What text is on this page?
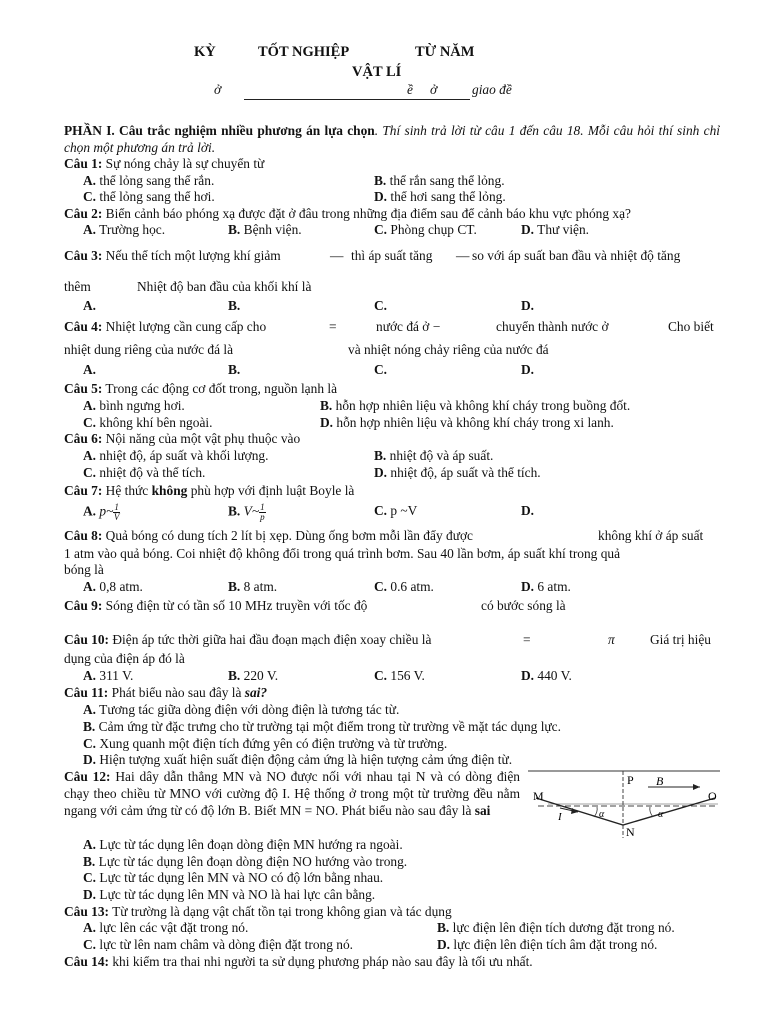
KỲ	TỐT NGHIỆP	TỪ NĂM
VẬT LÍ
ở	ề ở	giao đề
PHẦN I. Câu trắc nghiệm nhiều phương án lựa chọn. Thí sinh trả lời từ câu 1 đến câu 18. Mỗi câu hỏi thí sinh chỉ chọn một phương án trả lời.
Câu 1: Sự nóng chảy là sự chuyển từ
A. thể lỏng sang thể rắn.	B. thể rắn sang thể lỏng.
C. thể lỏng sang thể hơi.	D. thể hơi sang thể lỏng.
Câu 2: Biển cảnh báo phóng xạ được đặt ở đâu trong những địa điểm sau để cảnh báo khu vực phóng xạ?
A. Trường học.	B. Bệnh viện.	C. Phòng chụp CT.	D. Thư viện.
Câu 3: Nếu thể tích một lượng khí giảm	— thì áp suất tăng — so với áp suất ban đầu và nhiệt độ tăng
thêm	Nhiệt độ ban đầu của khối khí là
A.	B.	C.	D.
Câu 4: Nhiệt lượng cần cung cấp cho	=	nước đá ở −	chuyển thành nước ở	Cho biết
nhiệt dung riêng của nước đá là	và nhiệt nóng chảy riêng của nước đá
A.	B.	C.	D.
Câu 5: Trong các động cơ đốt trong, nguồn lạnh là
A. bình ngưng hơi.	B. hỗn hợp nhiên liệu và không khí cháy trong buồng đốt.
C. không khí bên ngoài.	D. hỗn hợp nhiên liệu và không khí cháy trong xi lanh.
Câu 6: Nội năng của một vật phụ thuộc vào
A. nhiệt độ, áp suất và khối lượng.	B. nhiệt độ và áp suất.
C. nhiệt độ và thể tích.	D. nhiệt độ, áp suất và thể tích.
Câu 7: Hệ thức không phù hợp với định luật Boyle là
A. p~ $\frac{1}{V}$	B. V~ $\frac{1}{p}$	C. p ~V	D.
Câu 8: Quả bóng có dung tích 2 lít bị xẹp. Dùng ống bơm mỗi lần đẩy được	không khí ở áp suất
1 atm vào quả bóng. Coi nhiệt độ không đổi trong quá trình bơm. Sau 40 lần bơm, áp suất khí trong quả
bóng là
A. 0,8 atm.	B. 8 atm.	C. 0.6 atm.	D. 6 atm.
Câu 9: Sóng điện từ có tần số 10 MHz truyền với tốc độ	có bước sóng là
Câu 10: Điện áp tức thời giữa hai đầu đoạn mạch điện xoay chiều là	=	π	Giá trị hiệu
dụng của điện áp đó là
A. 311 V.	B. 220 V.	C. 156 V.	D. 440 V.
Câu 11: Phát biểu nào sau đây là sai?
A. Tương tác giữa dòng điện với dòng điện là tương tác từ.
B. Cảm ứng từ đặc trưng cho từ trường tại một điểm trong từ trường về mặt tác dụng lực.
C. Xung quanh một điện tích đứng yên có điện trường và từ trường.
D. Hiện tượng xuất hiện suất điện động cảm ứng là hiện tượng cảm ứng điện từ.
Câu 12: Hai dây dẫn thẳng MN và NO được nối với nhau tại N và có dòng điện chạy theo chiều từ MNO với cường độ I. Hệ thống ở trong một từ trường đều nằm ngang với cảm ứng từ có độ lớn B. Biết MN = NO. Phát biểu nào sau đây là sai
P B
M	O
I	α	α
N
A. Lực từ tác dụng lên đoạn dòng điện MN hướng ra ngoài.
B. Lực từ tác dụng lên đoạn dòng điện NO hướng vào trong.
C. Lực từ tác dụng lên MN và NO có độ lớn bằng nhau.
D. Lực từ tác dụng lên MN và NO là hai lực cân bằng.
Câu 13: Từ trường là dạng vật chất tồn tại trong không gian và tác dụng
A. lực lên các vật đặt trong nó.	B. lực điện lên điện tích dương đặt trong nó.
C. lực từ lên nam châm và dòng điện đặt trong nó.	D. lực điện lên điện tích âm đặt trong nó.
Câu 14: khi kiểm tra thai nhi người ta sử dụng phương pháp nào sau đây là tối ưu nhất.
